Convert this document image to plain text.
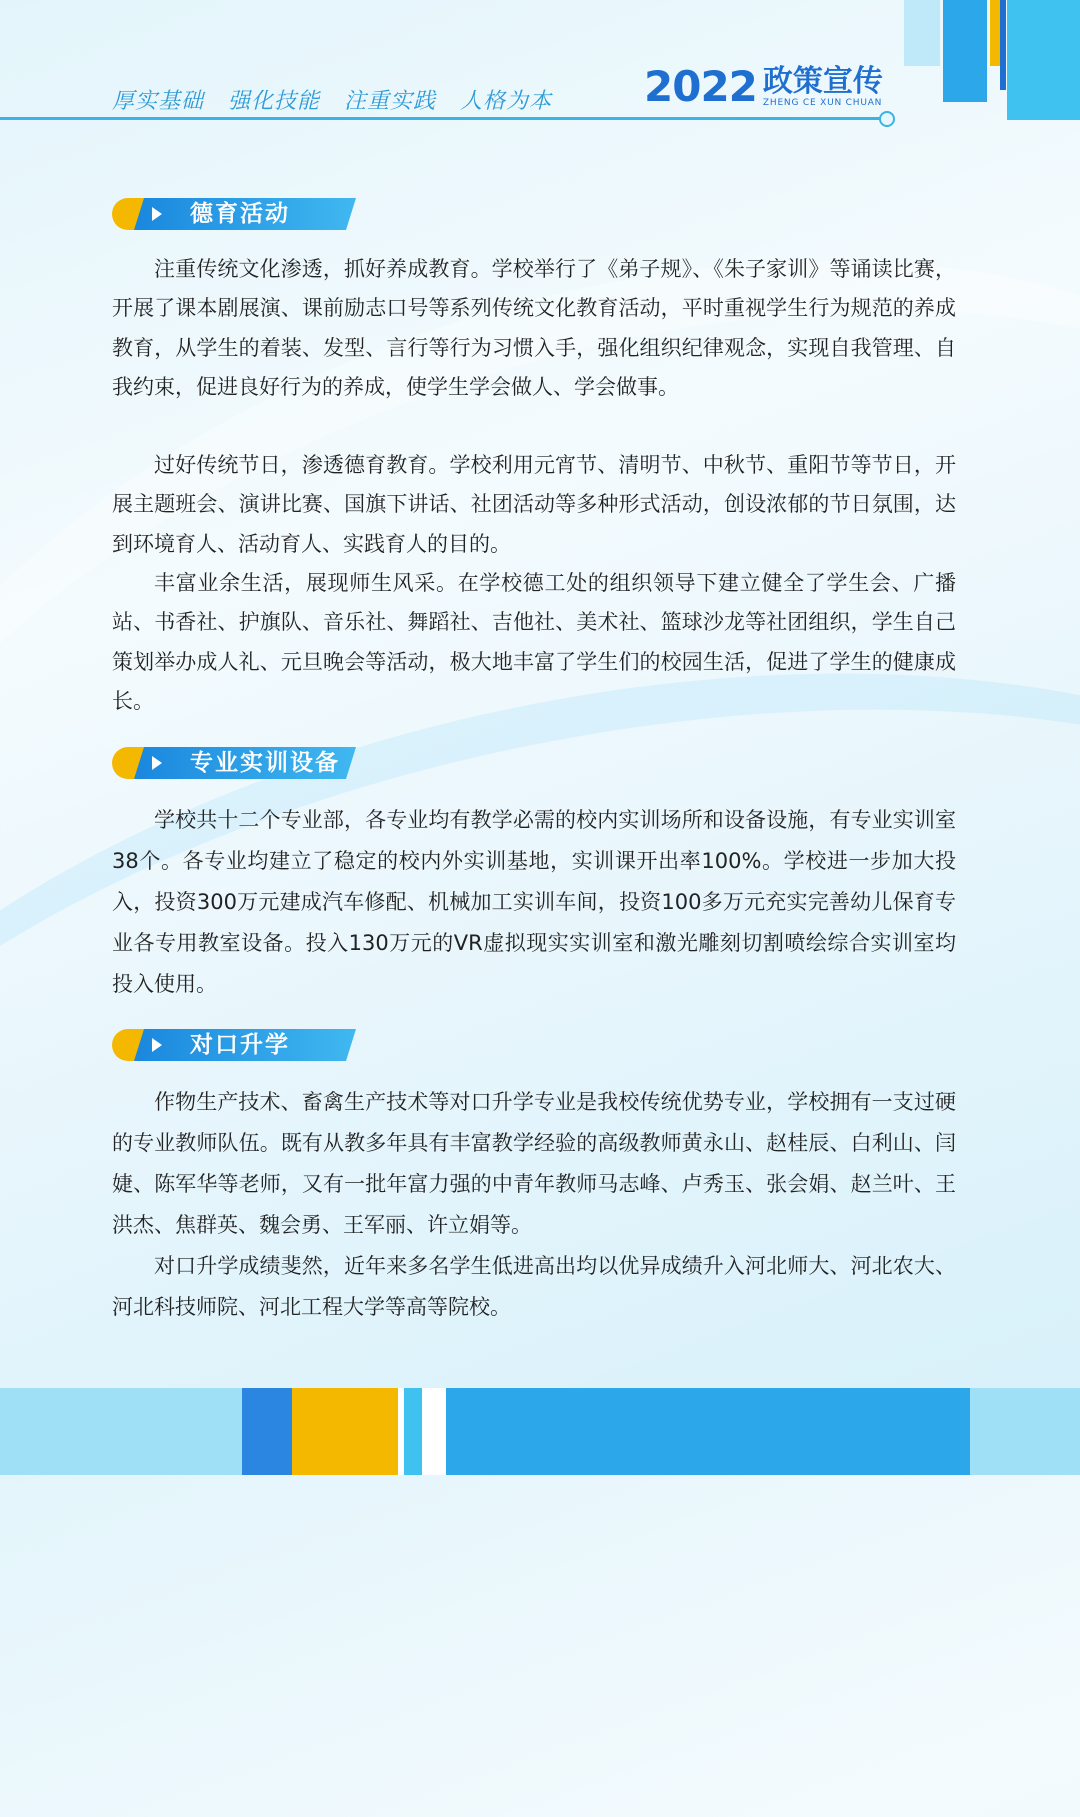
厚实基础 强化技能 注重实践 人格为本 2022 政策宣传
ZHENG CE XUN CHUAN
德育活动

注重传统文化渗透，抓好养成教育。学校举行了《弟子规》、《朱子家训》等诵读比赛，开展了课本剧展演、课前励志口号等系列传统文化教育活动，平时重视学生行为规范的养成教育，从学生的着装、发型、言行等行为习惯入手，强化组织纪律观念，实现自我管理、自我约束，促进良好行为的养成，使学生学会做人、学会做事。

过好传统节日，渗透德育教育。学校利用元宵节、清明节、中秋节、重阳节等节日，开展主题班会、演讲比赛、国旗下讲话、社团活动等多种形式活动，创设浓郁的节日氛围，达到环境育人、活动育人、实践育人的目的。

丰富业余生活，展现师生风采。在学校德工处的组织领导下建立健全了学生会、广播站、书香社、护旗队、音乐社、舞蹈社、吉他社、美术社、篮球沙龙等社团组织，学生自己策划举办成人礼、元旦晚会等活动，极大地丰富了学生们的校园生活，促进了学生的健康成长。

专业实训设备

学校共十二个专业部，各专业均有教学必需的校内实训场所和设备设施，有专业实训室38个。各专业均建立了稳定的校内外实训基地，实训课开出率100%。学校进一步加大投入，投资300万元建成汽车修配、机械加工实训车间，投资100多万元充实完善幼儿保育专业各专用教室设备。投入130万元的VR虚拟现实实训室和激光雕刻切割喷绘综合实训室均投入使用。

对口升学

作物生产技术、畜禽生产技术等对口升学专业是我校传统优势专业，学校拥有一支过硬的专业教师队伍。既有从教多年具有丰富教学经验的高级教师黄永山、赵桂辰、白利山、闫婕、陈军华等老师，又有一批年富力强的中青年教师马志峰、卢秀玉、张会娟、赵兰叶、王洪杰、焦群英、魏会勇、王军丽、许立娟等。

对口升学成绩斐然，近年来多名学生低进高出均以优异成绩升入河北师大、河北农大、河北科技师院、河北工程大学等高等院校。
